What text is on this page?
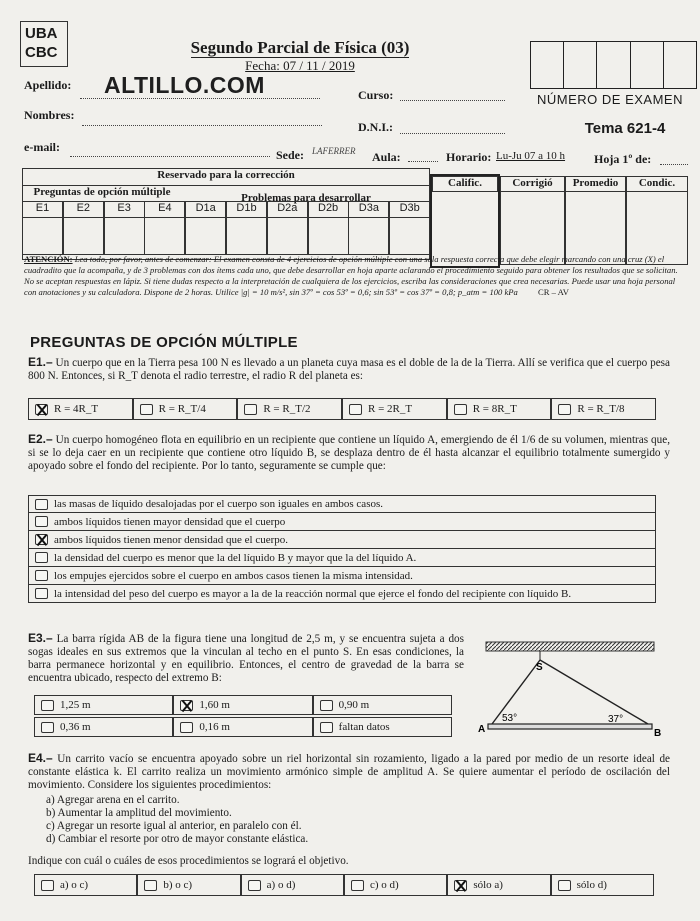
UBA
CBC	Segundo Parcial de Física (03)
Fecha: 07 / 11 / 2019
NÚMERO DE EXAMEN
Tema 621-4
Apellido: ALTILLO.COM	Curso:
Nombres:
D.N.I.:
e-mail:
Sede: LAFERRER Aula:	Horario: Lu-Ju 07 a 10 h Hoja 1º de:
Reservado para la corrección
Preguntas de opción múltiple	Problemas para desarrollar
E1	E2	E3	E4	D1a	D1b	D2a	D2b	D3a	D3b
Calific.	Corrigió	Promedio	Condic.
ATENCIÓN: Lea todo, por favor, antes de comenzar: El examen consta de 4 ejercicios de opción múltiple con una sola respuesta correcta que debe elegir marcando con una cruz (X) el cuadradito que la acompaña, y de 3 problemas con dos ítems cada uno, que debe desarrollar en hoja aparte aclarando el procedimiento seguido para obtener los resultados que se solicitan. No se aceptan respuestas en lápiz. Si tiene dudas respecto a la interpretación de cualquiera de los ejercicios, escriba las consideraciones que crea necesarias. Puede usar una hoja personal con anotaciones y su calculadora. Dispone de 2 horas. Utilice |g| = 10 m/s², sin 37º = cos 53º = 0,6; sin 53º = cos 37º = 0,8; p_atm = 100 kPa CR – AV
PREGUNTAS DE OPCIÓN MÚLTIPLE
E1.– Un cuerpo que en la Tierra pesa 100 N es llevado a un planeta cuya masa es el doble de la de la Tierra. Allí se verifica que el cuerpo pesa 800 N. Entonces, si R_T denota el radio terrestre, el radio R del planeta es:
R = 4R_T	R = R_T/4	R = R_T/2	R = 2R_T	R = 8R_T	R = R_T/8
E2.– Un cuerpo homogéneo flota en equilibrio en un recipiente que contiene un líquido A, emergiendo de él 1/6 de su volumen, mientras que, si se lo deja caer en un recipiente que contiene otro líquido B, se desplaza dentro de él hasta alcanzar el equilibrio totalmente sumergido y apoyado sobre el fondo del recipiente. Por lo tanto, seguramente se cumple que:
las masas de líquido desalojadas por el cuerpo son iguales en ambos casos.
ambos líquidos tienen mayor densidad que el cuerpo
ambos líquidos tienen menor densidad que el cuerpo.
la densidad del cuerpo es menor que la del líquido B y mayor que la del líquido A.
los empujes ejercidos sobre el cuerpo en ambos casos tienen la misma intensidad.
la intensidad del peso del cuerpo es mayor a la de la reacción normal que ejerce el fondo del recipiente con líquido B.
E3.– La barra rígida AB de la figura tiene una longitud de 2,5 m, y se encuentra sujeta a dos sogas ideales en sus extremos que la vinculan al techo en el punto S. En esas condiciones, la barra permanece horizontal y en equilibrio. Entonces, el centro de gravedad de la barra se encuentra ubicado, respecto del extremo B:
1,25 m	1,60 m	0,90 m
0,36 m	0,16 m	faltan datos
S
A	B
53°	37°
E4.– Un carrito vacío se encuentra apoyado sobre un riel horizontal sin rozamiento, ligado a la pared por medio de un resorte ideal de constante elástica k. El carrito realiza un movimiento armónico simple de amplitud A. Se quiere aumentar el período de oscilación del movimiento. Considere los siguientes procedimientos:
a) Agregar arena en el carrito.
b) Aumentar la amplitud del movimiento.
c) Agregar un resorte igual al anterior, en paralelo con él.
d) Cambiar el resorte por otro de mayor constante elástica.
Indique con cuál o cuáles de esos procedimientos se logrará el objetivo.
a) o c)	b) o c)	a) o d)	c) o d)	sólo a)	sólo d)
